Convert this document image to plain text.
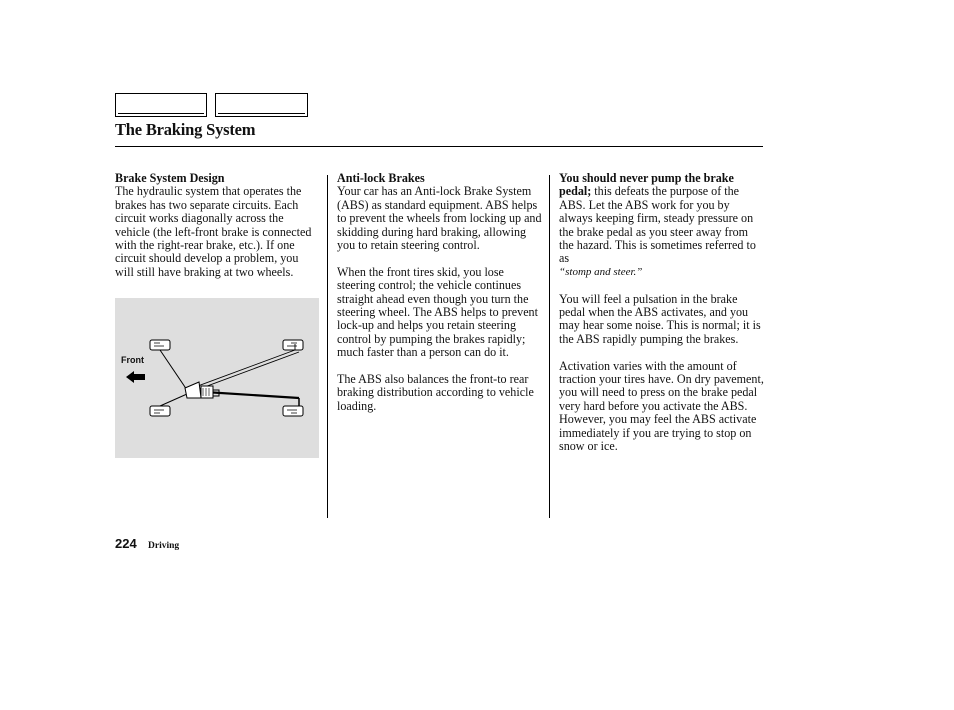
The Braking System
Brake System Design

The hydraulic system that operates the brakes has two separate circuits. Each circuit works diagonally across the vehicle (the left-front brake is connected with the right-rear brake, etc.). If one circuit should develop a problem, you will still have braking at two wheels.

Front
Anti-lock Brakes

Your car has an Anti-lock Brake System (ABS) as standard equipment. ABS helps to prevent the wheels from locking up and skidding during hard braking, allowing you to retain steering control.

When the front tires skid, you lose steering control; the vehicle continues straight ahead even though you turn the steering wheel. The ABS helps to prevent lock-up and helps you retain steering control by pumping the brakes rapidly; much faster than a person can do it.

The ABS also balances the front-to rear braking distribution according to vehicle loading.

You should never pump the brake pedal; this defeats the purpose of the ABS. Let the ABS work for you by always keeping firm, steady pressure on the brake pedal as you steer away from the hazard. This is sometimes referred to as

“stomp and steer.”

You will feel a pulsation in the brake pedal when the ABS activates, and you may hear some noise. This is normal; it is the ABS rapidly pumping the brakes.

Activation varies with the amount of traction your tires have. On dry pavement, you will need to press on the brake pedal very hard before you activate the ABS. However, you may feel the ABS activate immediately if you are trying to stop on snow or ice.

224 Driving
